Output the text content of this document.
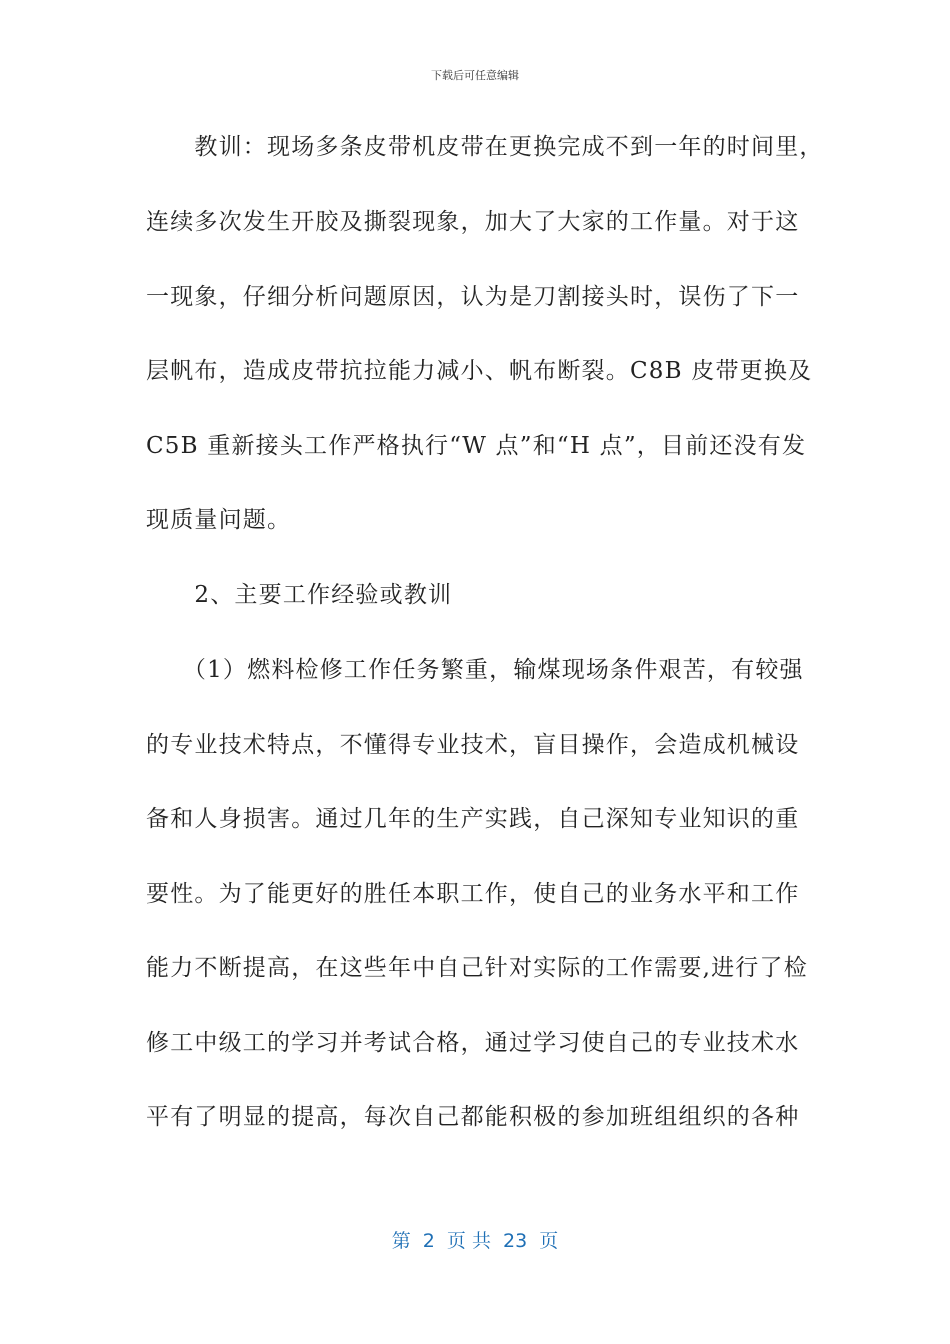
下载后可任意编辑
　　教训：现场多条皮带机皮带在更换完成不到一年的时间里，
连续多次发生开胶及撕裂现象，加大了大家的工作量。对于这
一现象，仔细分析问题原因，认为是刀割接头时，误伤了下一
层帆布，造成皮带抗拉能力减小、帆布断裂。C8B 皮带更换及
C5B 重新接头工作严格执行“W 点”和“H 点”，目前还没有发
现质量问题。
　　2、主要工作经验或教训
　　（1）燃料检修工作任务繁重，输煤现场条件艰苦，有较强
的专业技术特点，不懂得专业技术，盲目操作，会造成机械设
备和人身损害。通过几年的生产实践，自己深知专业知识的重
要性。为了能更好的胜任本职工作，使自己的业务水平和工作
能力不断提高，在这些年中自己针对实际的工作需要,进行了检
修工中级工的学习并考试合格，通过学习使自己的专业技术水
平有了明显的提高，每次自己都能积极的参加班组组织的各种
第  2  页 共  23  页
